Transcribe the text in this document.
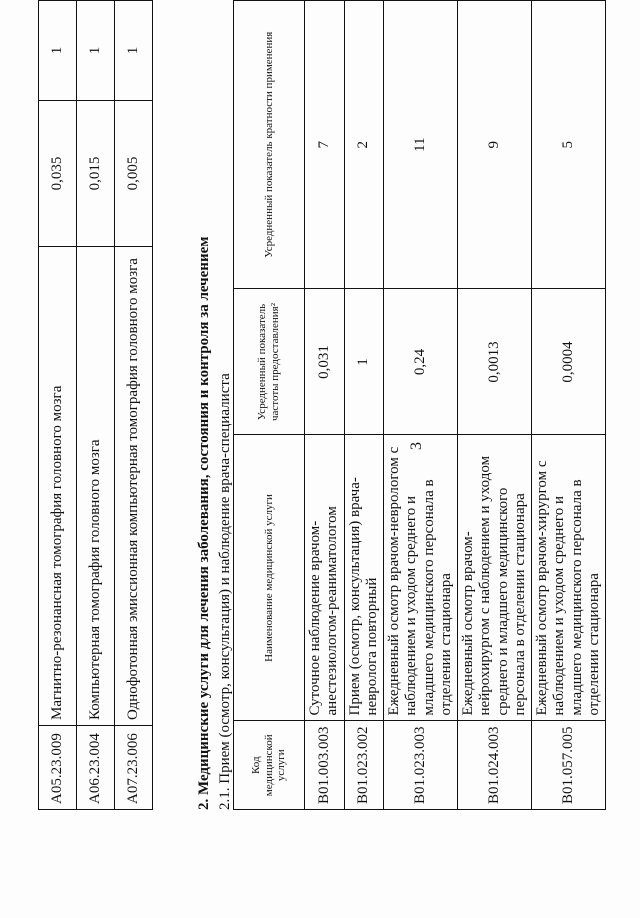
3
A05.23.009	Магнитно-резонансная томография головного мозга	0,035	1
A06.23.004	Компьютерная томография головного мозга	0,015	1
A07.23.006	Однофотонная эмиссионная компьютерная томография головного мозга	0,005	1
2. Медицинские услуги для лечения заболевания, состояния и контроля за лечением 2.1. Прием (осмотр, консультация) и наблюдение врача-специалиста Код медицинской услуги	Наименование медицинской услуги	Усредненный показатель частоты предоставления²	Усредненный показатель кратности применения
B01.003.003	Суточное наблюдение врачом-анестезиологом-реаниматологом	0,031	7
B01.023.002	Прием (осмотр, консультация) врача-невролога повторный	1	2
B01.023.003	Ежедневный осмотр врачом-неврологом с наблюдением и уходом среднего и младшего медицинского персонала в отделении стационара	0,24	11
B01.024.003	Ежедневный осмотр врачом-нейрохирургом с наблюдением и уходом среднего и младшего медицинского персонала в отделении стационара	0,0013	9
B01.057.005	Ежедневный осмотр врачом-хирургом с наблюдением и уходом среднего и младшего медицинского персонала в отделении стационара	0,0004	5
